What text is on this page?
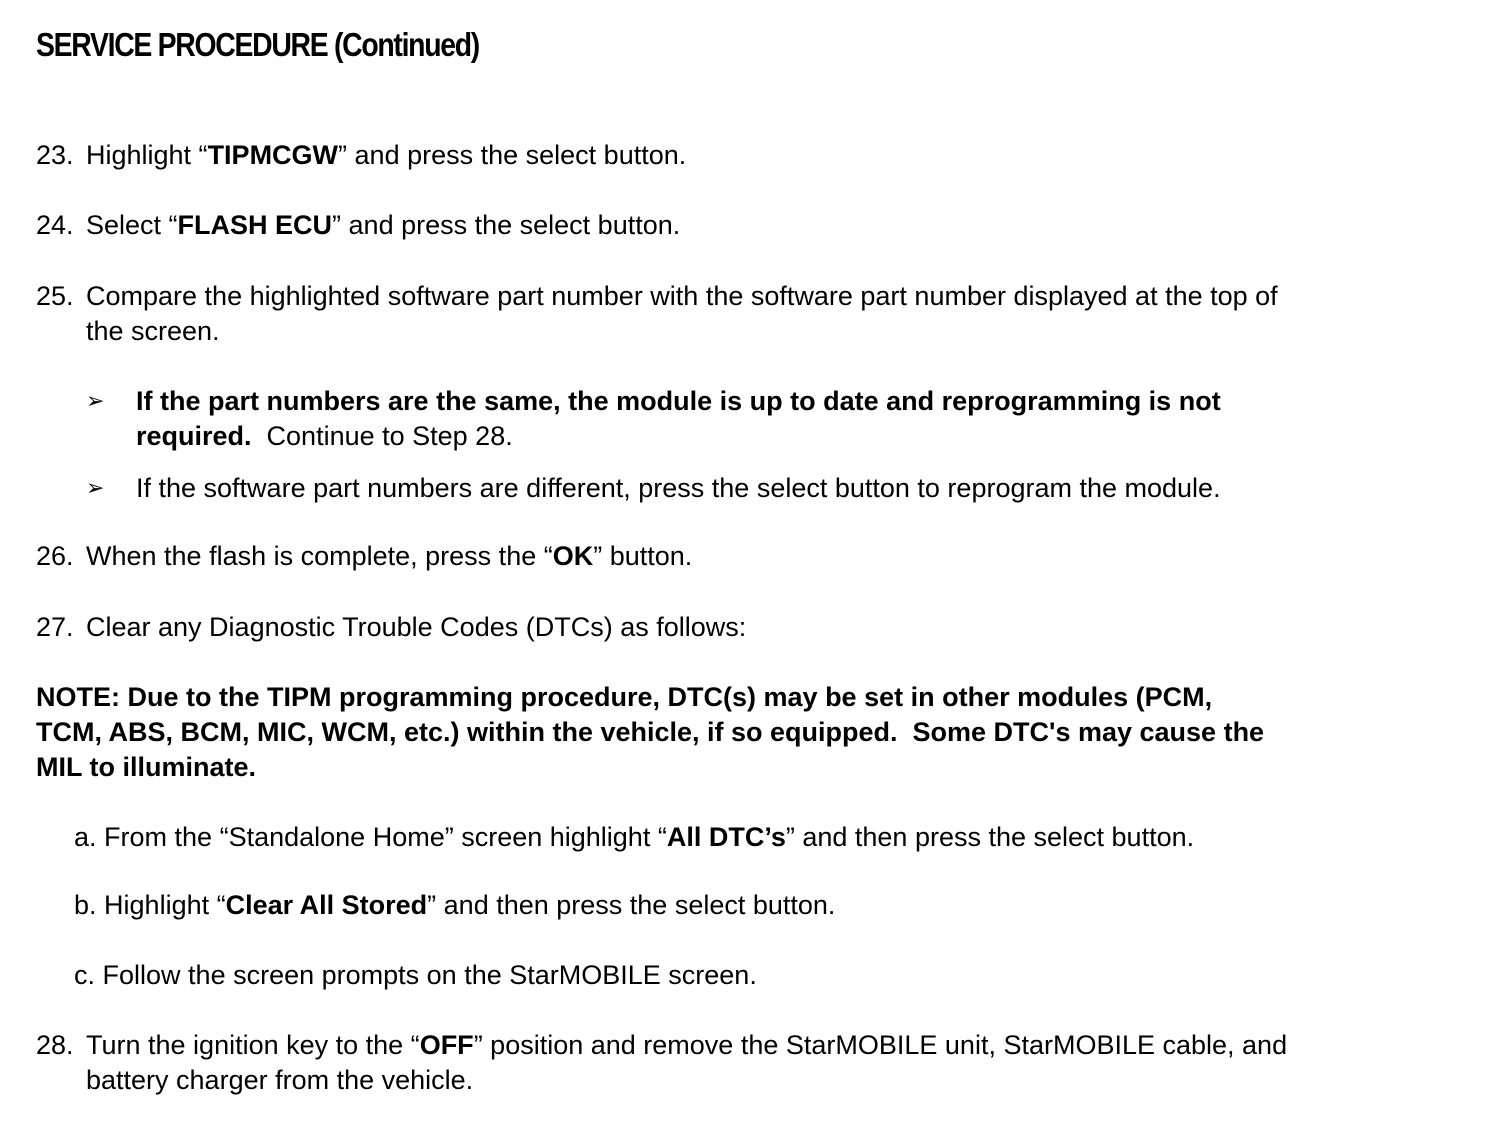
SERVICE PROCEDURE (Continued)
23. Highlight “TIPMCGW” and press the select button.
24. Select “FLASH ECU” and press the select button.
25. Compare the highlighted software part number with the software part number displayed at the top of
the screen.
➢ If the part numbers are the same, the module is up to date and reprogramming is not
required.  Continue to Step 28.
➢ If the software part numbers are different, press the select button to reprogram the module.
26. When the flash is complete, press the “OK” button.
27. Clear any Diagnostic Trouble Codes (DTCs) as follows:
NOTE: Due to the TIPM programming procedure, DTC(s) may be set in other modules (PCM,
TCM, ABS, BCM, MIC, WCM, etc.) within the vehicle, if so equipped.  Some DTC's may cause the
MIL to illuminate.
a. From the “Standalone Home” screen highlight “All DTC’s” and then press the select button.
b. Highlight “Clear All Stored” and then press the select button.
c. Follow the screen prompts on the StarMOBILE screen.
28. Turn the ignition key to the “OFF” position and remove the StarMOBILE unit, StarMOBILE cable, and
battery charger from the vehicle.
